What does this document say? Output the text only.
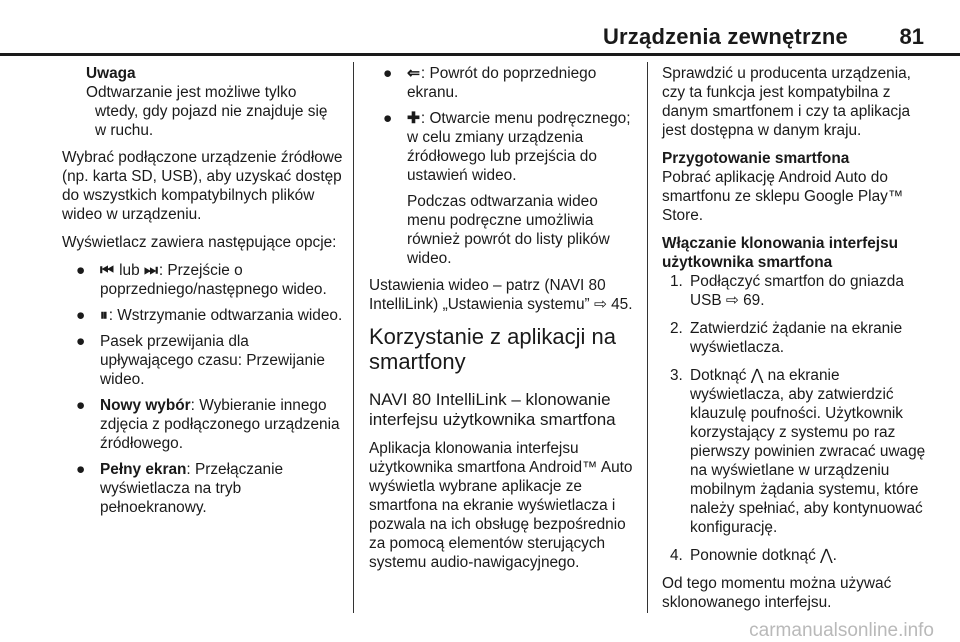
Urządzenia zewnętrzne 81
Uwaga
Odtwarzanie jest możliwe tylko wtedy, gdy pojazd nie znajduje się w ruchu.

Wybrać podłączone urządzenie źródłowe (np. karta SD, USB), aby uzyskać dostęp do wszystkich kompatybilnych plików wideo w urządzeniu.

Wyświetlacz zawiera następujące opcje:

● ⏮ lub ⏭: Przejście o poprzedniego/następnego wideo.
● ⏸: Wstrzymanie odtwarzania wideo.
● Pasek przewijania dla upływającego czasu: Przewijanie wideo.
● Nowy wybór: Wybieranie innego zdjęcia z podłączonego urządzenia źródłowego.
● Pełny ekran: Przełączanie wyświetlacza na tryb pełnoekranowy.
● ⇐: Powrót do poprzedniego ekranu.
● ✚: Otwarcie menu podręcznego; w celu zmiany urządzenia źródłowego lub przejścia do ustawień wideo.
Podczas odtwarzania wideo menu podręczne umożliwia również powrót do listy plików wideo.

Ustawienia wideo – patrz (NAVI 80 IntelliLink) „Ustawienia systemu” ⇨ 45.

Korzystanie z aplikacji na smartfony
NAVI 80 IntelliLink – klonowanie interfejsu użytkownika smartfona

Aplikacja klonowania interfejsu użytkownika smartfona Android™ Auto wyświetla wybrane aplikacje ze smartfona na ekranie wyświetlacza i pozwala na ich obsługę bezpośrednio za pomocą elementów sterujących systemu audio-nawigacyjnego.

Sprawdzić u producenta urządzenia, czy ta funkcja jest kompatybilna z danym smartfonem i czy ta aplikacja jest dostępna w danym kraju.

Przygotowanie smartfona

Pobrać aplikację Android Auto do smartfonu ze sklepu Google Play™ Store.

Włączanie klonowania interfejsu użytkownika smartfona
1. Podłączyć smartfon do gniazda USB ⇨ 69.
2. Zatwierdzić żądanie na ekranie wyświetlacza.
3. Dotknąć ⋀ na ekranie wyświetlacza, aby zatwierdzić klauzulę poufności. Użytkownik korzystający z systemu po raz pierwszy powinien zwracać uwagę na wyświetlane w urządzeniu mobilnym żądania systemu, które należy spełniać, aby kontynuować konfigurację.
4. Ponownie dotknąć ⋀.

Od tego momentu można używać sklonowanego interfejsu.

carmanualsonline.info
